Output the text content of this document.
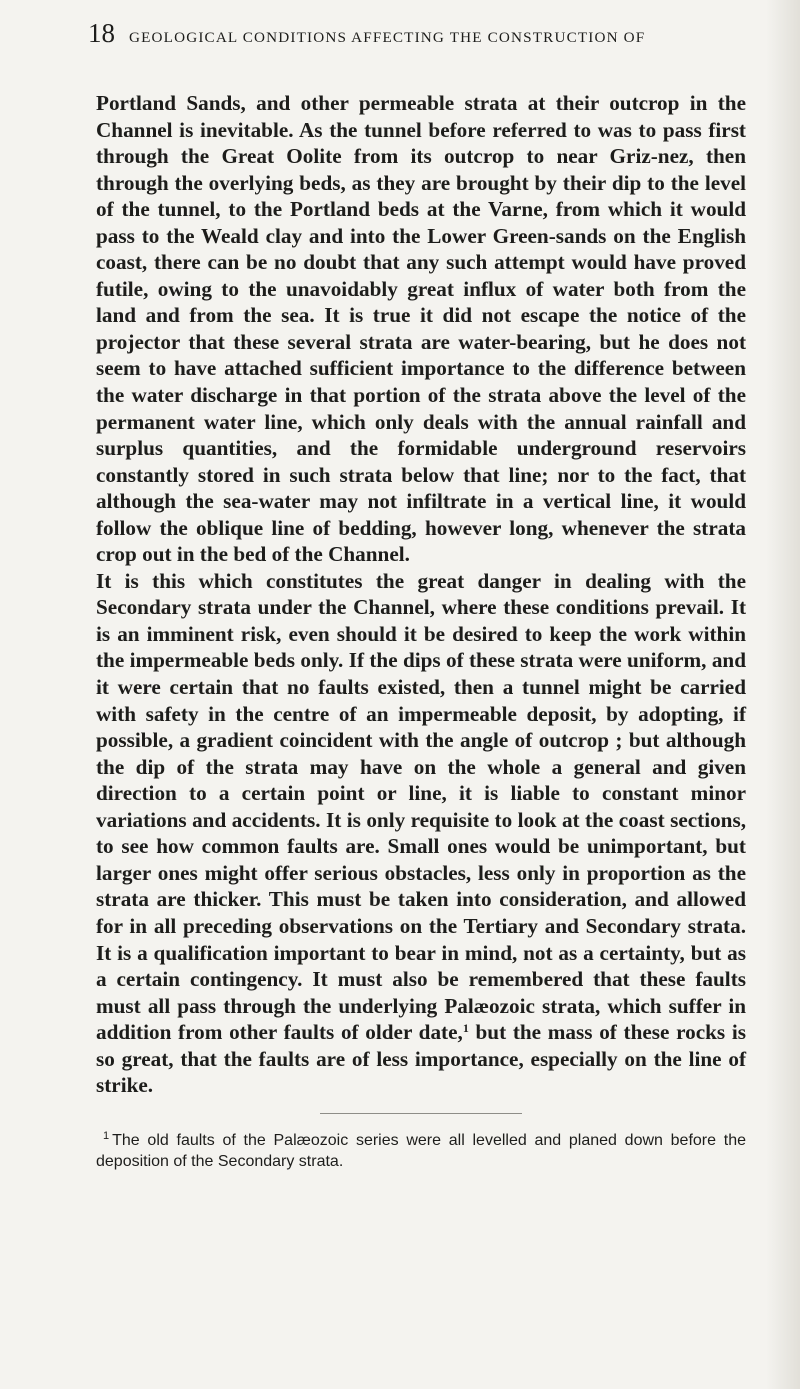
18 GEOLOGICAL CONDITIONS AFFECTING THE CONSTRUCTION OF

Portland Sands, and other permeable strata at their outcrop in the Channel is inevitable. As the tunnel before referred to was to pass first through the Great Oolite from its outcrop to near Griz-nez, then through the overlying beds, as they are brought by their dip to the level of the tunnel, to the Portland beds at the Varne, from which it would pass to the Weald clay and into the Lower Green-sands on the English coast, there can be no doubt that any such attempt would have proved futile, owing to the unavoidably great influx of water both from the land and from the sea. It is true it did not escape the notice of the projector that these several strata are water-bearing, but he does not seem to have attached sufficient importance to the difference between the water discharge in that portion of the strata above the level of the permanent water line, which only deals with the annual rainfall and surplus quantities, and the formidable underground reservoirs constantly stored in such strata below that line; nor to the fact, that although the sea-water may not infiltrate in a vertical line, it would follow the oblique line of bedding, however long, whenever the strata crop out in the bed of the Channel.

It is this which constitutes the great danger in dealing with the Secondary strata under the Channel, where these conditions prevail. It is an imminent risk, even should it be desired to keep the work within the impermeable beds only. If the dips of these strata were uniform, and it were certain that no faults existed, then a tunnel might be carried with safety in the centre of an impermeable deposit, by adopting, if possible, a gradient coincident with the angle of outcrop ; but although the dip of the strata may have on the whole a general and given direction to a certain point or line, it is liable to constant minor variations and accidents. It is only requisite to look at the coast sections, to see how common faults are. Small ones would be unimportant, but larger ones might offer serious obstacles, less only in proportion as the strata are thicker. This must be taken into consideration, and allowed for in all preceding observations on the Tertiary and Secondary strata. It is a qualification important to bear in mind, not as a certainty, but as a certain contingency. It must also be remembered that these faults must all pass through the underlying Palæozoic strata, which suffer in addition from other faults of older date,$^1$ but the mass of these rocks is so great, that the faults are of less importance, especially on the line of strike.

$^1$ The old faults of the Palæozoic series were all levelled and planed down before the deposition of the Secondary strata.
